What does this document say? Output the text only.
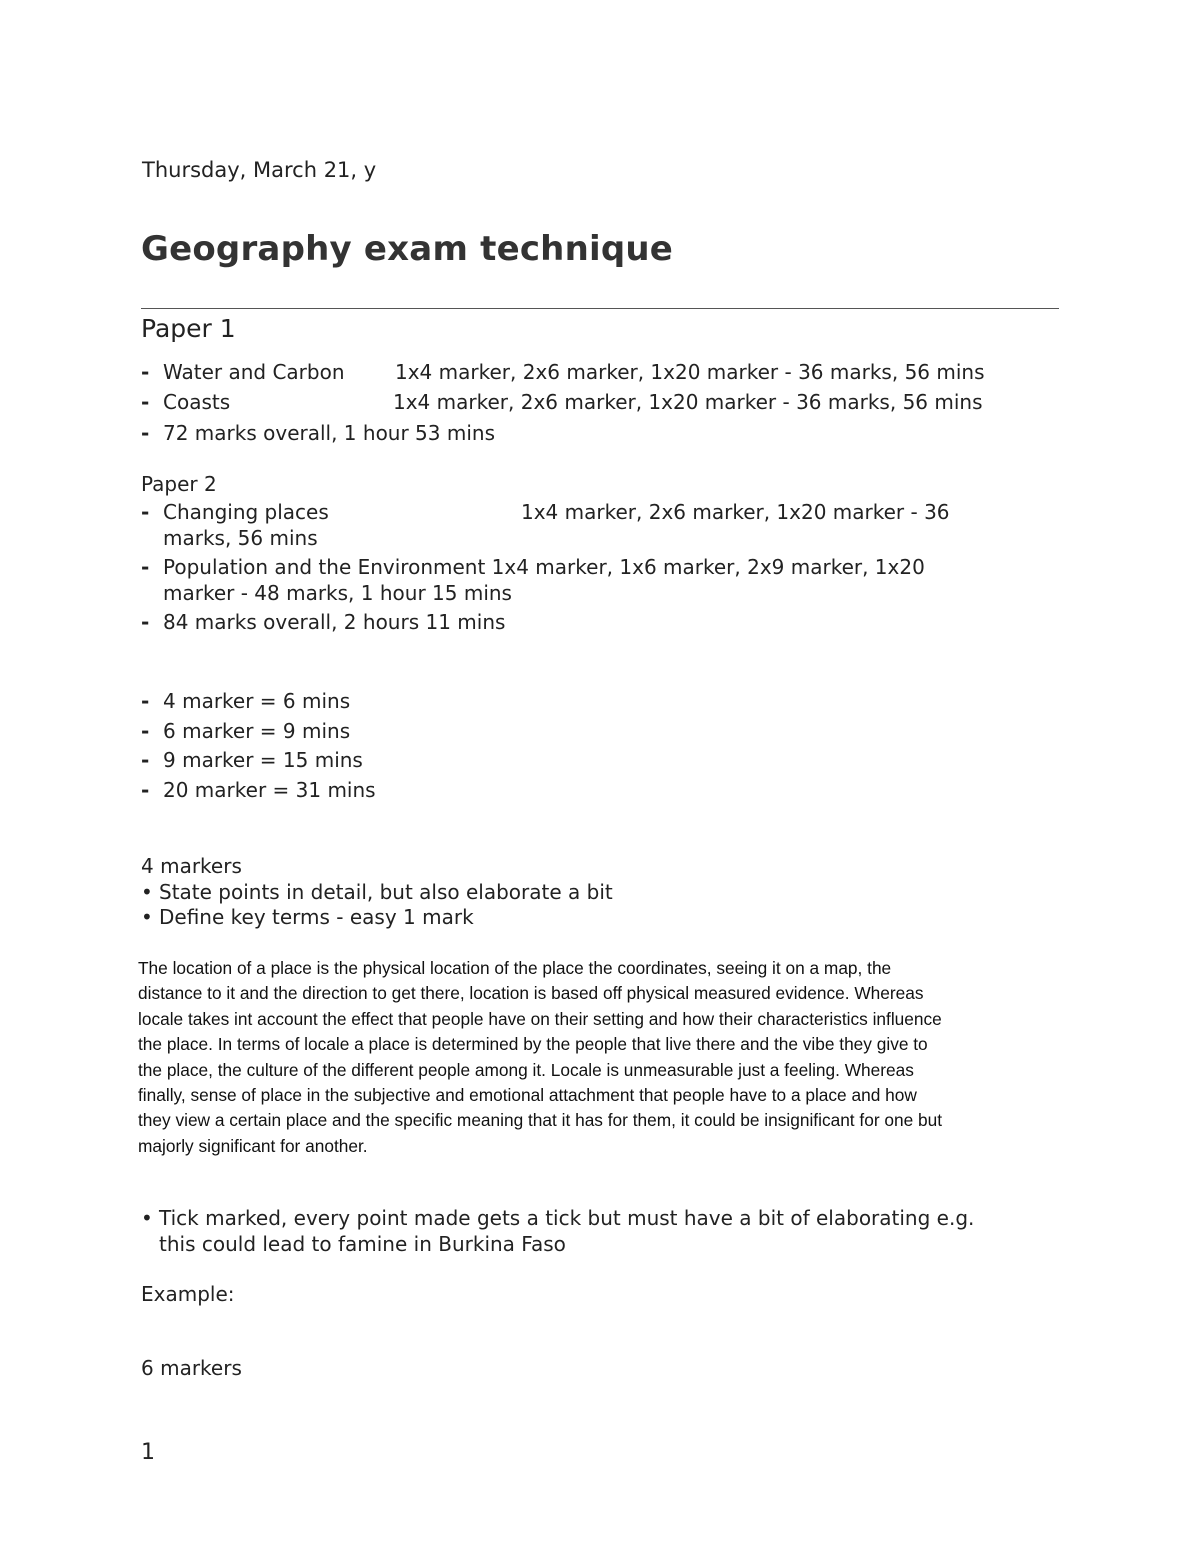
Thursday, March 21, y
Geography exam technique
Paper 1
- Water and Carbon	1x4 marker, 2x6 marker, 1x20 marker - 36 marks, 56 mins
- Coasts	1x4 marker, 2x6 marker, 1x20 marker - 36 marks, 56 mins
- 72 marks overall, 1 hour 53 mins
Paper 2
- Changing places	1x4 marker, 2x6 marker, 1x20 marker - 36
marks, 56 mins
- Population and the Environment 1x4 marker, 1x6 marker, 2x9 marker, 1x20
marker - 48 marks, 1 hour 15 mins
- 84 marks overall, 2 hours 11 mins
- 4 marker = 6 mins
- 6 marker = 9 mins
- 9 marker = 15 mins
- 20 marker = 31 mins
4 markers
• State points in detail, but also elaborate a bit
• Define key terms - easy 1 mark
The location of a place is the physical location of the place the coordinates, seeing it on a map, the
distance to it and the direction to get there, location is based off physical measured evidence. Whereas
locale takes int account the effect that people have on their setting and how their characteristics influence
the place. In terms of locale a place is determined by the people that live there and the vibe they give to
the place, the culture of the different people among it. Locale is unmeasurable just a feeling. Whereas
finally, sense of place in the subjective and emotional attachment that people have to a place and how
they view a certain place and the specific meaning that it has for them, it could be insignificant for one but
majorly significant for another.
• Tick marked, every point made gets a tick but must have a bit of elaborating e.g.
this could lead to famine in Burkina Faso
Example:
6 markers
1
